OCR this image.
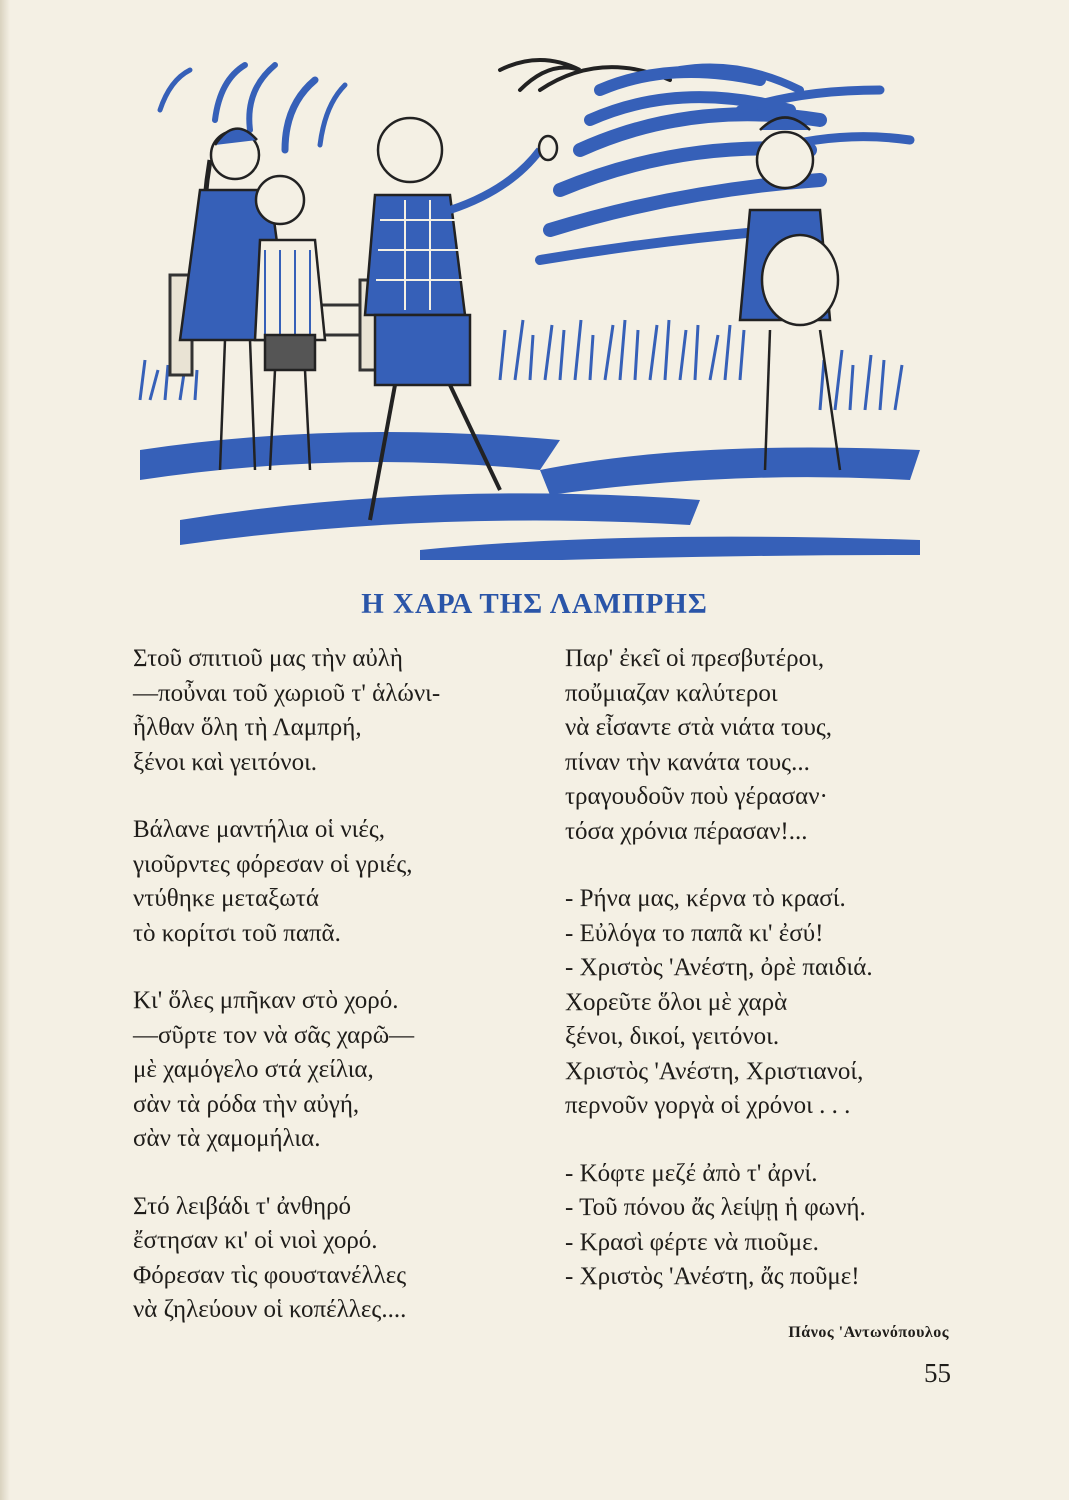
Η ΧΑΡΑ ΤΗΣ ΛΑΜΠΡΗΣ
Στοῦ σπιτιοῦ μας τὴν αὐλὴ
—ποὖναι τοῦ χωριοῦ τ' ἁλώνι-
ἦλθαν ὅλη τὴ Λαμπρή,
ξένοι καὶ γειτόνοι.
Βάλανε μαντήλια οἱ νιές,
γιοῦρντες φόρεσαν οἱ γριές,
ντύθηκε μεταξωτά
τὸ κορίτσι τοῦ παπᾶ.
Κι' ὅλες μπῆκαν στὸ χορό.
—σῦρτε τον νὰ σᾶς χαρῶ—
μὲ χαμόγελο στά χείλια,
σὰν τὰ ρόδα τὴν αὐγή,
σὰν τὰ χαμομήλια.
Στό λειβάδι τ' ἀνθηρό
ἔστησαν κι' οἱ νιοὶ χορό.
Φόρεσαν τὶς φουστανέλλες
νὰ ζηλεύουν οἱ κοπέλλες....
Παρ' ἐκεῖ οἱ πρεσβυτέροι,
ποὔμιαζαν καλύτεροι
νὰ εἶσαντε στὰ νιάτα τους,
πίναν τὴν κανάτα τους...
τραγουδοῦν ποὺ γέρασαν·
τόσα χρόνια πέρασαν!...
- Ρήνα μας, κέρνα τὸ κρασί.
- Εὐλόγα το παπᾶ κι' ἐσύ!
- Χριστὸς 'Ανέστη, ὀρὲ παιδιά.
Χορεῦτε ὅλοι μὲ χαρὰ
ξένοι, δικοί, γειτόνοι.
Χριστὸς 'Ανέστη, Χριστιανοί,
περνοῦν γοργὰ οἱ χρόνοι . . .
- Κόφτε μεζέ ἀπὸ τ' ἀρνί.
- Τοῦ πόνου ἄς λείψῃ ἡ φωνή.
- Κρασὶ φέρτε νὰ πιοῦμε.
- Χριστὸς 'Ανέστη, ἄς ποῦμε!
Πάνος 'Αντωνόπουλος
55
